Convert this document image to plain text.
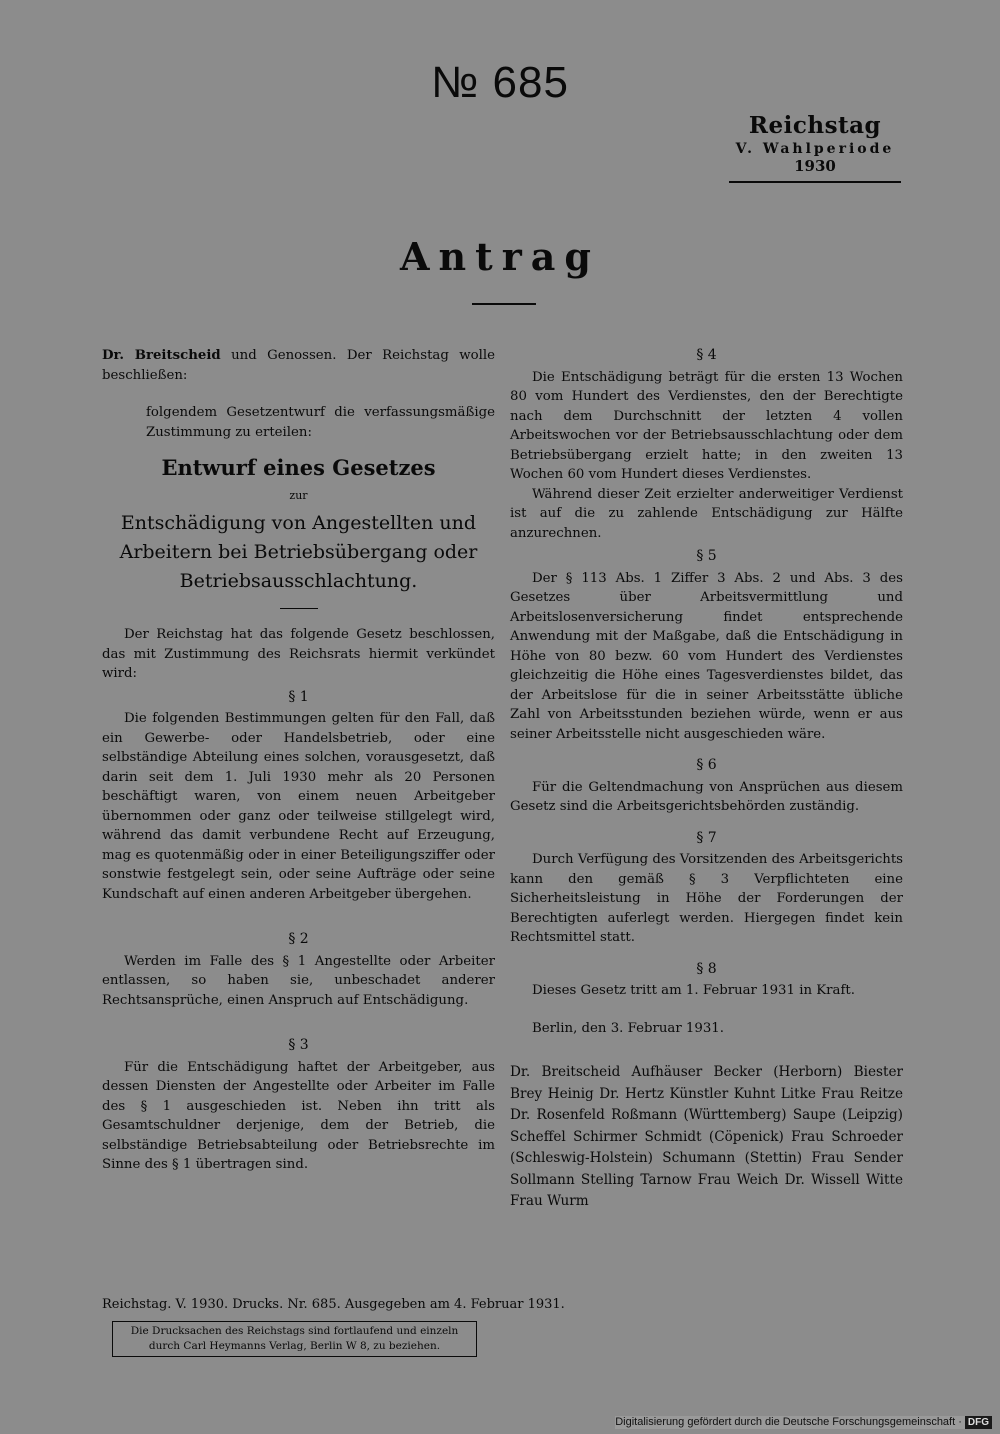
№ 685
Reichstag
V. Wahlperiode
1930
Antrag

Dr. Breitscheid und Genossen. Der Reichstag wolle beschließen:

folgendem Gesetzentwurf die verfassungsmäßige Zustimmung zu erteilen:

Entwurf eines Gesetzes
zur
Entschädigung von Angestellten und Arbeitern bei Betriebsübergang oder Betriebsausschlachtung.

Der Reichstag hat das folgende Gesetz beschlossen, das mit Zustimmung des Reichsrats hiermit verkündet wird:

§ 1

Die folgenden Bestimmungen gelten für den Fall, daß ein Gewerbe- oder Handelsbetrieb, oder eine selbständige Abteilung eines solchen, vorausgesetzt, daß darin seit dem 1. Juli 1930 mehr als 20 Personen beschäftigt waren, von einem neuen Arbeitgeber übernommen oder ganz oder teilweise stillgelegt wird, während das damit verbundene Recht auf Erzeugung, mag es quotenmäßig oder in einer Beteiligungsziffer oder sonstwie festgelegt sein, oder seine Aufträge oder seine Kundschaft auf einen anderen Arbeitgeber übergehen.

§ 2

Werden im Falle des § 1 Angestellte oder Arbeiter entlassen, so haben sie, unbeschadet anderer Rechtsansprüche, einen Anspruch auf Entschädigung.

§ 3

Für die Entschädigung haftet der Arbeitgeber, aus dessen Diensten der Angestellte oder Arbeiter im Falle des § 1 ausgeschieden ist. Neben ihn tritt als Gesamtschuldner derjenige, dem der Betrieb, die selbständige Betriebsabteilung oder Betriebsrechte im Sinne des § 1 übertragen sind.

§ 4

Die Entschädigung beträgt für die ersten 13 Wochen 80 vom Hundert des Verdienstes, den der Berechtigte nach dem Durchschnitt der letzten 4 vollen Arbeitswochen vor der Betriebsausschlachtung oder dem Betriebsübergang erzielt hatte; in den zweiten 13 Wochen 60 vom Hundert dieses Verdienstes.

Während dieser Zeit erzielter anderweitiger Verdienst ist auf die zu zahlende Entschädigung zur Hälfte anzurechnen.

§ 5

Der § 113 Abs. 1 Ziffer 3 Abs. 2 und Abs. 3 des Gesetzes über Arbeitsvermittlung und Arbeitslosenversicherung findet entsprechende Anwendung mit der Maßgabe, daß die Entschädigung in Höhe von 80 bezw. 60 vom Hundert des Verdienstes gleichzeitig die Höhe eines Tagesverdienstes bildet, das der Arbeitslose für die in seiner Arbeitsstätte übliche Zahl von Arbeitsstunden beziehen würde, wenn er aus seiner Arbeitsstelle nicht ausgeschieden wäre.

§ 6

Für die Geltendmachung von Ansprüchen aus diesem Gesetz sind die Arbeitsgerichtsbehörden zuständig.

§ 7

Durch Verfügung des Vorsitzenden des Arbeitsgerichts kann den gemäß § 3 Verpflichteten eine Sicherheitsleistung in Höhe der Forderungen der Berechtigten auferlegt werden. Hiergegen findet kein Rechtsmittel statt.

§ 8

Dieses Gesetz tritt am 1. Februar 1931 in Kraft.

Berlin, den 3. Februar 1931.

Dr. Breitscheid Aufhäuser Becker (Herborn) Biester Brey Heinig Dr. Hertz Künstler Kuhnt Litke Frau Reitze Dr. Rosenfeld Roßmann (Württemberg) Saupe (Leipzig) Scheffel Schirmer Schmidt (Cöpenick) Frau Schroeder (Schleswig-Holstein) Schumann (Stettin) Frau Sender Sollmann Stelling Tarnow Frau Weich Dr. Wissell Witte Frau Wurm

Reichstag. V. 1930. Drucks. Nr. 685. Ausgegeben am 4. Februar 1931.
Die Drucksachen des Reichstags sind fortlaufend und einzeln durch Carl Heymanns Verlag, Berlin W 8, zu beziehen.
Digitalisierung gefördert durch die Deutsche Forschungsgemeinschaft · DFG
